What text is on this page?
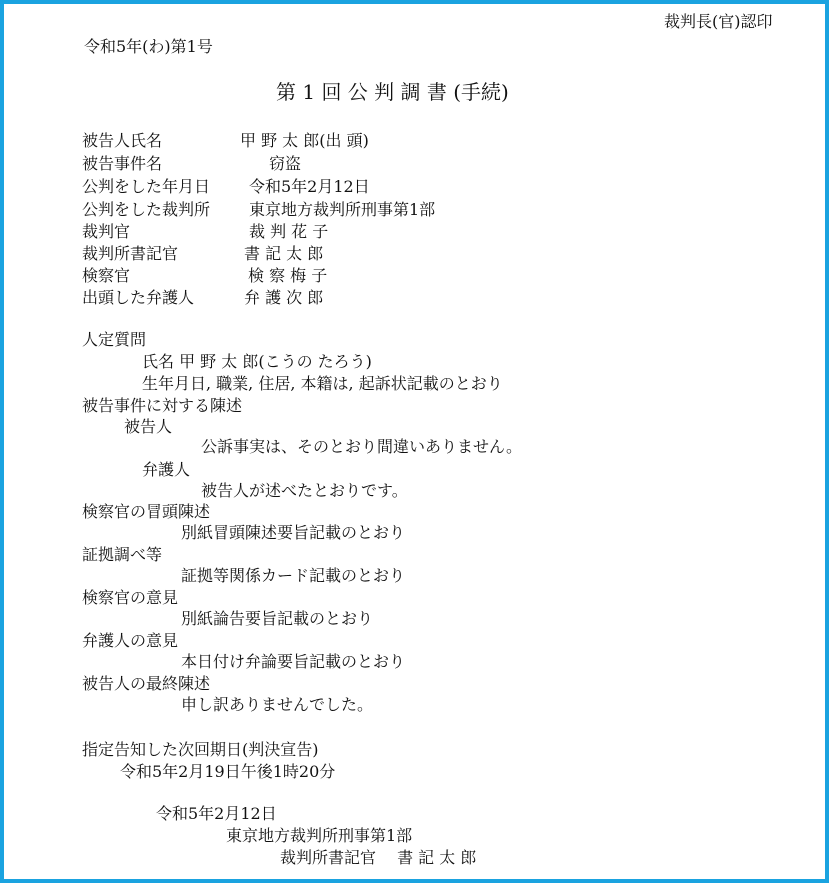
裁判長(官)認印
令和5年(わ)第1号
第 1 回 公 判 調 書 (手続)
被告人氏名	甲 野 太 郎(出 頭)
被告事件名	窃盗
公判をした年月日 令和5年2月12日
公判をした裁判所 東京地方裁判所刑事第1部
裁判官	裁 判 花 子
裁判所書記官	書 記 太 郎
検察官	検 察 梅 子
出頭した弁護人	弁 護 次 郎
人定質問
氏名 甲 野 太 郎(こうの たろう)
生年月日, 職業, 住居, 本籍は, 起訴状記載のとおり
被告事件に対する陳述
被告人
公訴事実は、そのとおり間違いありません。
弁護人
被告人が述べたとおりです。
検察官の冒頭陳述
別紙冒頭陳述要旨記載のとおり
証拠調べ等
証拠等関係カード記載のとおり
検察官の意見
別紙論告要旨記載のとおり
弁護人の意見
本日付け弁論要旨記載のとおり
被告人の最終陳述
申し訳ありませんでした。
指定告知した次回期日(判決宣告)
令和5年2月19日午後1時20分
令和5年2月12日
東京地方裁判所刑事第1部
裁判所書記官　 書 記 太 郎
